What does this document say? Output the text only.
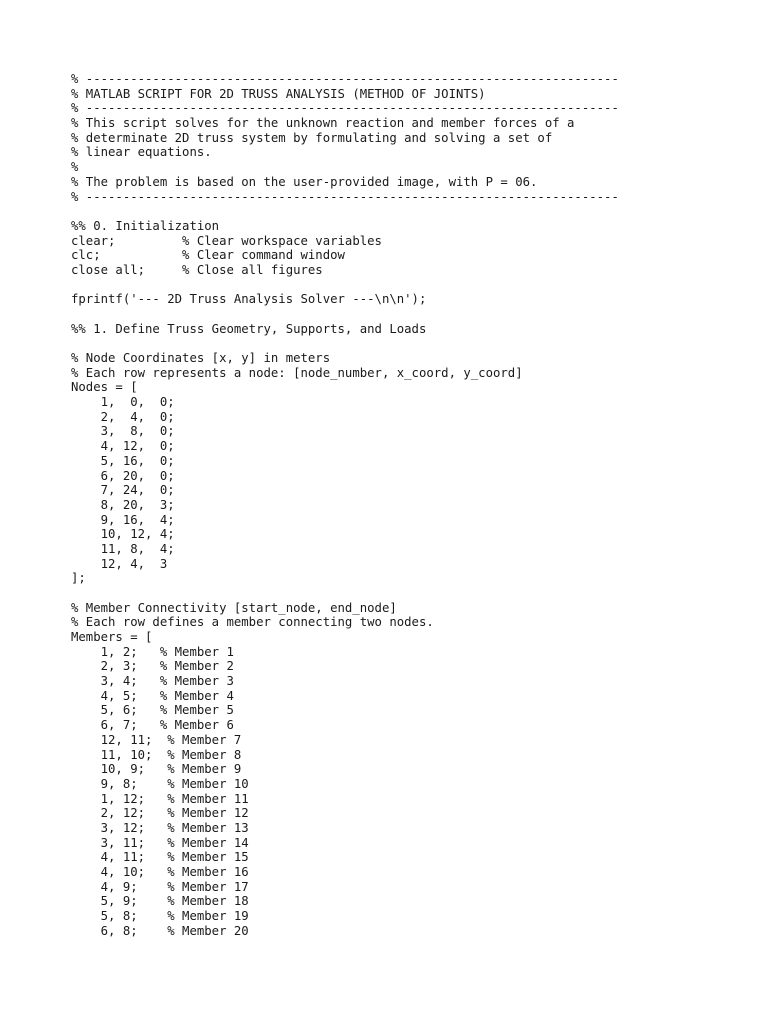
% ------------------------------------------------------------------------
% MATLAB SCRIPT FOR 2D TRUSS ANALYSIS (METHOD OF JOINTS)
% ------------------------------------------------------------------------
% This script solves for the unknown reaction and member forces of a
% determinate 2D truss system by formulating and solving a set of
% linear equations.
%
% The problem is based on the user-provided image, with P = 06.
% ------------------------------------------------------------------------
%% 0. Initialization
clear;         % Clear workspace variables
clc;           % Clear command window
close all;     % Close all figures
fprintf('--- 2D Truss Analysis Solver ---\n\n');
%% 1. Define Truss Geometry, Supports, and Loads
% Node Coordinates [x, y] in meters
% Each row represents a node: [node_number, x_coord, y_coord]
Nodes = [
1,  0,  0;
2,  4,  0;
3,  8,  0;
4, 12,  0;
5, 16,  0;
6, 20,  0;
7, 24,  0;
8, 20,  3;
9, 16,  4;
10, 12, 4;
11, 8,  4;
12, 4,  3
];
% Member Connectivity [start_node, end_node]
% Each row defines a member connecting two nodes.
Members = [
1, 2;   % Member 1
2, 3;   % Member 2
3, 4;   % Member 3
4, 5;   % Member 4
5, 6;   % Member 5
6, 7;   % Member 6
12, 11;  % Member 7
11, 10;  % Member 8
10, 9;   % Member 9
9, 8;    % Member 10
1, 12;   % Member 11
2, 12;   % Member 12
3, 12;   % Member 13
3, 11;   % Member 14
4, 11;   % Member 15
4, 10;   % Member 16
4, 9;    % Member 17
5, 9;    % Member 18
5, 8;    % Member 19
6, 8;    % Member 20
